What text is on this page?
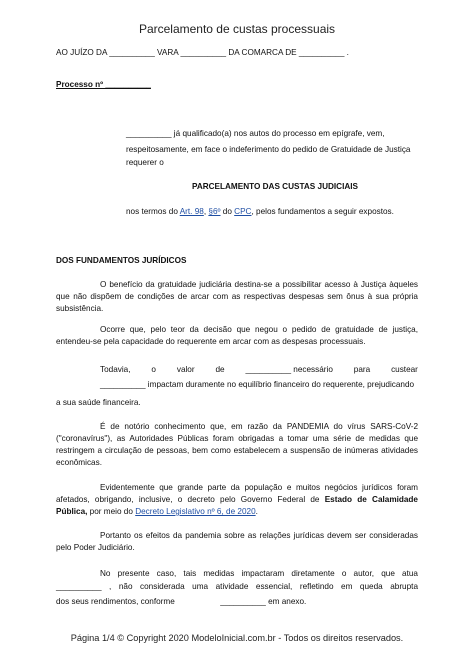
Parcelamento de custas processuais
AO JUÍZO DA __________ VARA __________ DA COMARCA DE __________ .
Processo nº __________
__________ já qualificado(a) nos autos do processo em epígrafe, vem,
respeitosamente, em face o indeferimento do pedido de Gratuidade de Justiça
requerer o
PARCELAMENTO DAS CUSTAS JUDICIAIS
nos termos do Art. 98, §6º do CPC, pelos fundamentos a seguir expostos.
DOS FUNDAMENTOS JURÍDICOS
O benefício da gratuidade judiciária destina-se a possibilitar acesso à Justiça àqueles que não dispõem de condições de arcar com as respectivas despesas sem ônus à sua própria subsistência.
Ocorre que, pelo teor da decisão que negou o pedido de gratuidade de justiça, entendeu-se pela capacidade do requerente em arcar com as despesas processuais.
Todavia,	o	valor	de	__________ necessário	para	custear
__________ impactam duramente no equilíbrio financeiro do requerente, prejudicando
a sua saúde financeira.
É de notório conhecimento que, em razão da PANDEMIA do vírus SARS-CoV-2 ("coronavírus"), as Autoridades Públicas foram obrigadas a tomar uma série de medidas que restringem a circulação de pessoas, bem como estabelecem a suspensão de inúmeras atividades econômicas.
Evidentemente que grande parte da população e muitos negócios jurídicos foram afetados, obrigando, inclusive, o decreto pelo Governo Federal de Estado de Calamidade Pública, por meio do Decreto Legislativo nº 6, de 2020.
Portanto os efeitos da pandemia sobre as relações jurídicas devem ser consideradas pelo Poder Judiciário.
No presente caso, tais medidas impactaram diretamente o autor, que atua
__________ , não considerada uma atividade essencial, refletindo em queda abrupta
dos seus rendimentos, conforme                    __________ em anexo.
Página 1/4 © Copyright 2020 ModeloInicial.com.br - Todos os direitos reservados.
